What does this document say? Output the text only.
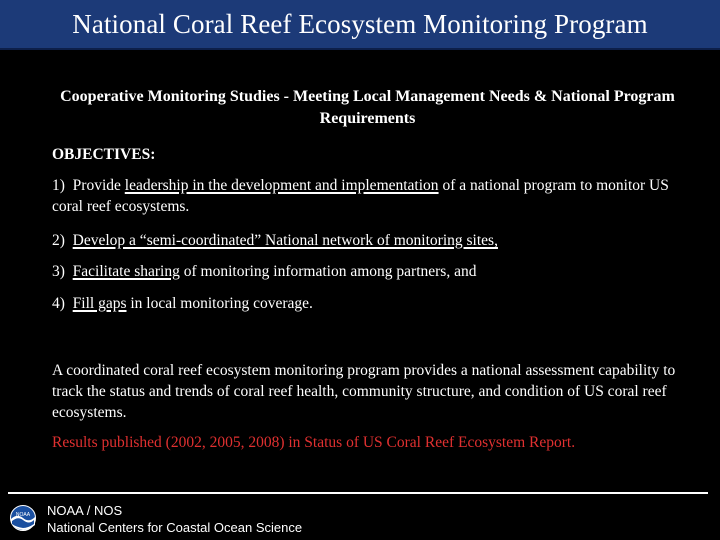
National Coral Reef Ecosystem Monitoring Program
Cooperative Monitoring Studies - Meeting Local Management Needs & National Program Requirements
OBJECTIVES:
1) Provide leadership in the development and implementation of a national program to monitor US coral reef ecosystems.
2) Develop a “semi-coordinated” National network of monitoring sites,
3) Facilitate sharing of monitoring information among partners, and
4) Fill gaps in local monitoring coverage.
A coordinated coral reef ecosystem monitoring program provides a national assessment capability to track the status and trends of coral reef health, community structure, and condition of US coral reef ecosystems.
Results published (2002, 2005, 2008) in Status of US Coral Reef Ecosystem Report.
NOAA NOAA / NOS
National Centers for Coastal Ocean Science
